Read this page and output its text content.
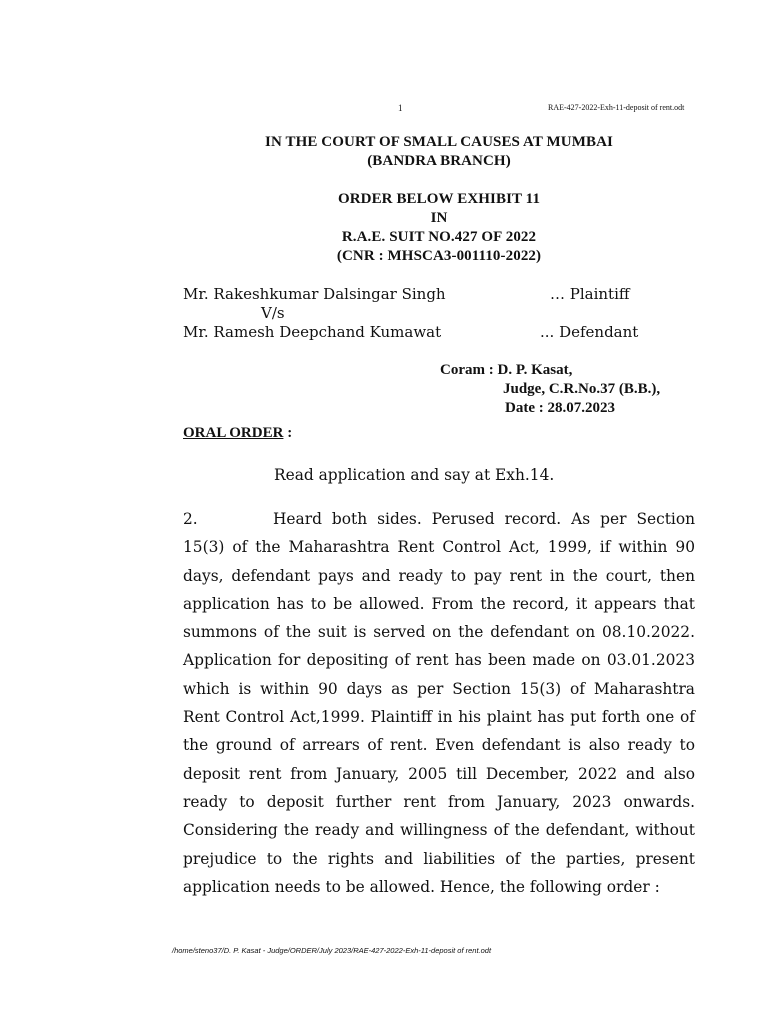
1	RAE-427-2022-Exh-11-deposit of rent.odt
IN THE COURT OF SMALL CAUSES AT MUMBAI
(BANDRA BRANCH)
ORDER BELOW EXHIBIT 11
IN
R.A.E. SUIT NO.427 OF 2022
(CNR : MHSCA3-001110-2022)
Mr. Rakeshkumar Dalsingar Singh	… Plaintiff
V/s
Mr. Ramesh Deepchand Kumawat	... Defendant
Coram : D. P. Kasat,
Judge, C.R.No.37 (B.B.),
Date : 28.07.2023
ORAL ORDER :
Read application and say at Exh.14.
2.	Heard both sides. Perused record. As per Section 15(3) of the Maharashtra Rent Control Act, 1999, if within 90 days, defendant pays and ready to pay rent in the court, then application has to be allowed. From the record, it appears that summons of the suit is served on the defendant on 08.10.2022. Application for depositing of rent has been made on 03.01.2023 which is within 90 days as per Section 15(3) of Maharashtra Rent Control Act,1999. Plaintiff in his plaint has put forth one of the ground of arrears of rent. Even defendant is also ready to deposit rent from January, 2005 till December, 2022 and also ready to deposit further rent from January, 2023 onwards. Considering the ready and willingness of the defendant, without prejudice to the rights and liabilities of the parties, present application needs to be allowed. Hence, the following order :
/home/steno37/D. P. Kasat - Judge/ORDER/July 2023/RAE-427-2022-Exh-11-deposit of rent.odt
